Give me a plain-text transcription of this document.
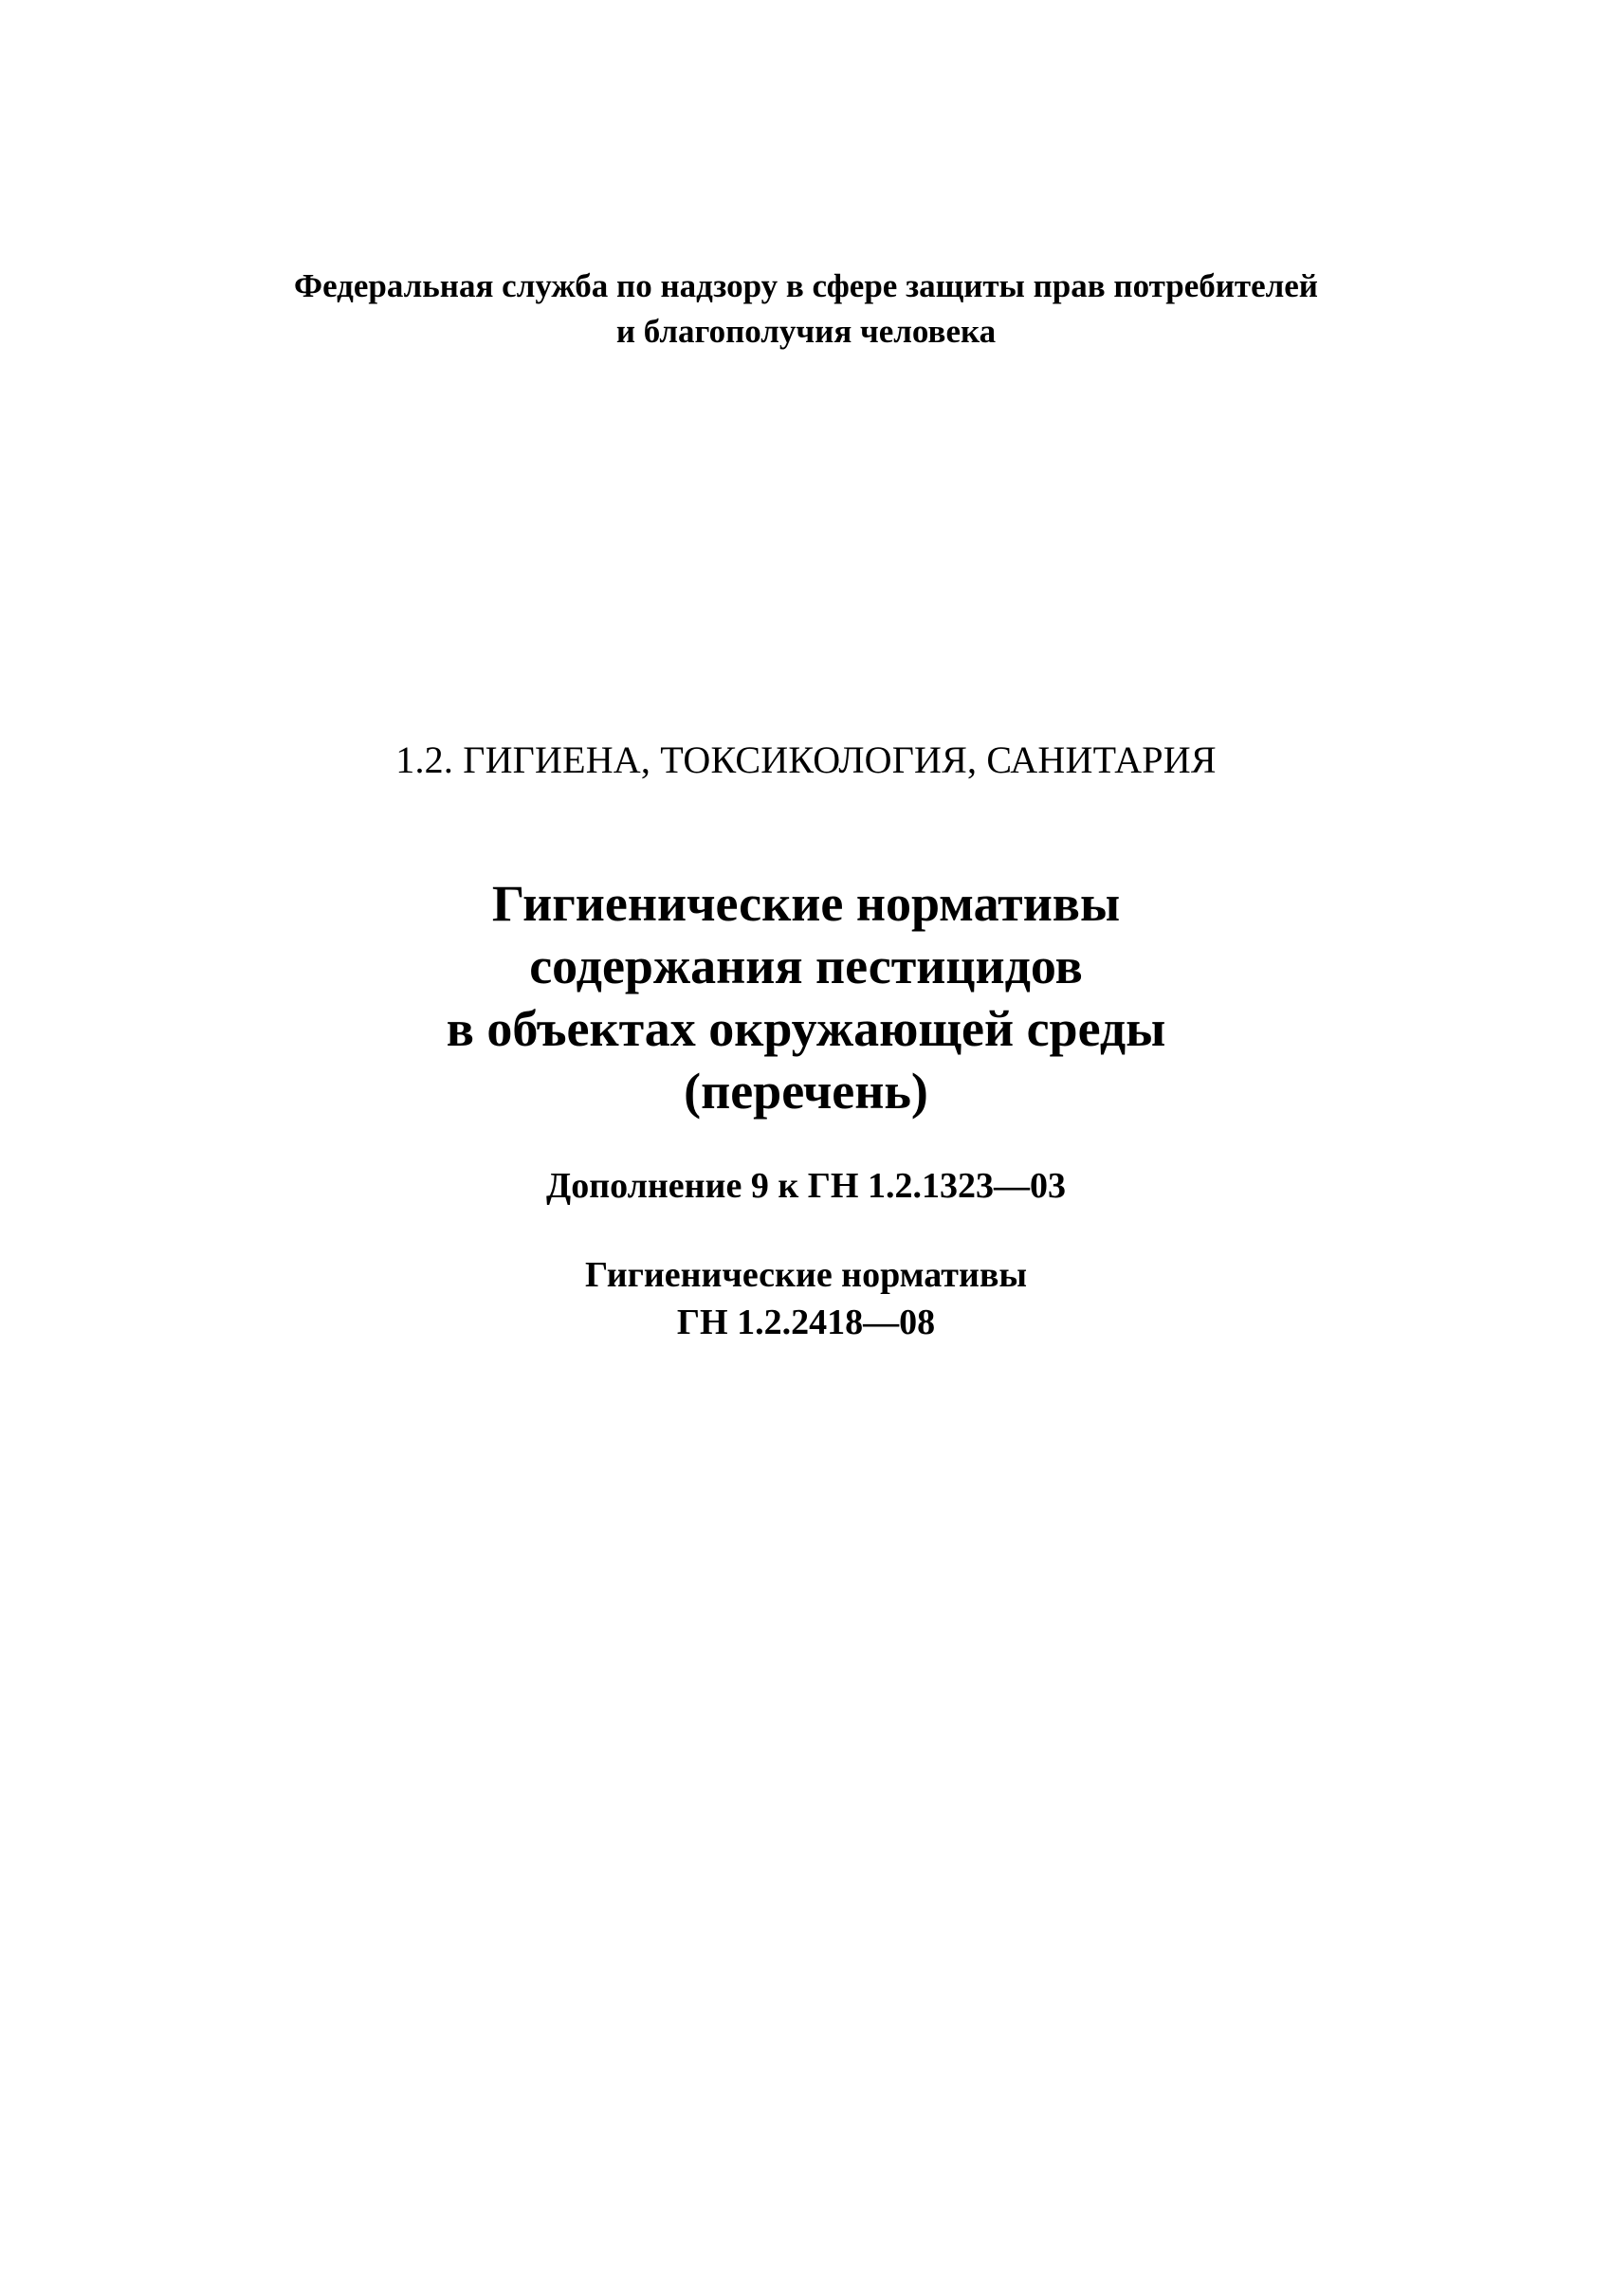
Федеральная служба по надзору в сфере защиты прав потребителей
и благополучия человека
1.2. ГИГИЕНА, ТОКСИКОЛОГИЯ, САНИТАРИЯ
Гигиенические нормативы
содержания пестицидов
в объектах окружающей среды
(перечень)
Дополнение 9 к ГН 1.2.1323—03
Гигиенические нормативы
ГН 1.2.2418—08
